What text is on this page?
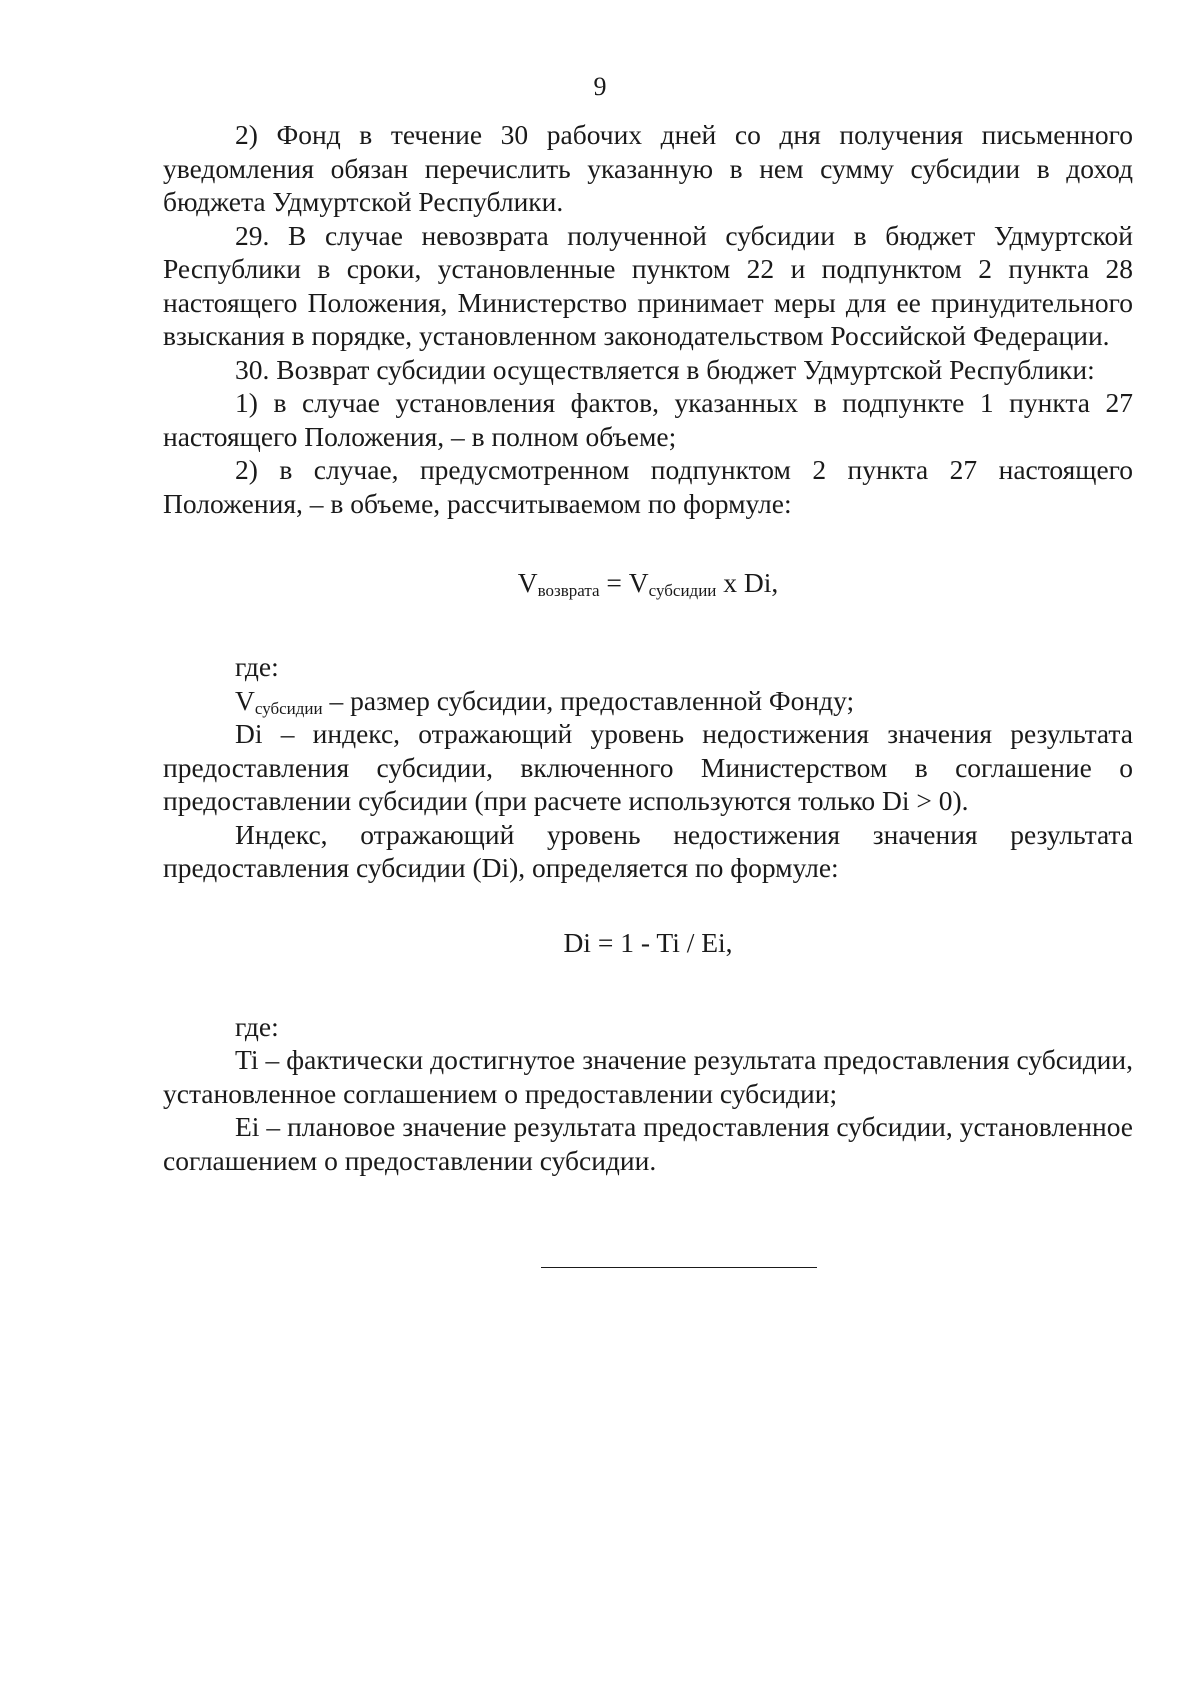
9

2) Фонд в течение 30 рабочих дней со дня получения письменного уведомления обязан перечислить указанную в нем сумму субсидии в доход бюджета Удмуртской Республики.

29. В случае невозврата полученной субсидии в бюджет Удмуртской Республики в сроки, установленные пунктом 22 и подпунктом 2 пункта 28 настоящего Положения, Министерство принимает меры для ее принудительного взыскания в порядке, установленном законодательством Российской Федерации.

30. Возврат субсидии осуществляется в бюджет Удмуртской Республики:

1) в случае установления фактов, указанных в подпункте 1 пункта 27 настоящего Положения, – в полном объеме;

2) в случае, предусмотренном подпунктом 2 пункта 27 настоящего Положения, – в объеме, рассчитываемом по формуле:

$V_{возврата} = V_{субсидии}$ x Di,

где:

$V_{субсидии}$ – размер субсидии, предоставленной Фонду;

Di – индекс, отражающий уровень недостижения значения результата предоставления субсидии, включенного Министерством в соглашение о предоставлении субсидии (при расчете используются только Di > 0).

Индекс, отражающий уровень недостижения значения результата предоставления субсидии (Di), определяется по формуле:

Di = 1 - Ti / Ei,

где:

Ti – фактически достигнутое значение результата предоставления субсидии, установленное соглашением о предоставлении субсидии;

Ei – плановое значение результата предоставления субсидии, установленное соглашением о предоставлении субсидии.
